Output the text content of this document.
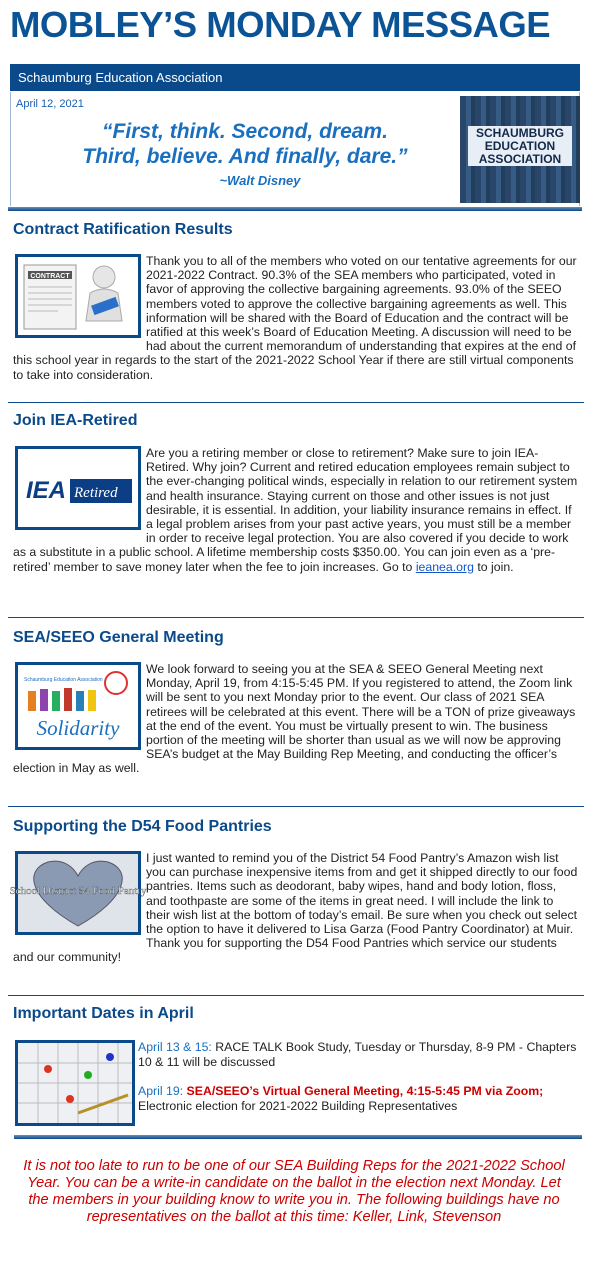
MOBLEY’S MONDAY MESSAGE
Schaumburg Education Association
April 12, 2021
“First, think. Second, dream.
Third, believe. And finally, dare.”
~Walt Disney
SCHAUMBURG
EDUCATION
ASSOCIATION
Contract Ratification Results
CONTRACT
Thank you to all of the members who voted on our tentative agreements for our 2021-2022 Contract. 90.3% of the SEA members who participated, voted in favor of approving the collective bargaining agreements. 93.0% of the SEEO members voted to approve the collective bargaining agreements as well. This information will be shared with the Board of Education and the contract will be ratified at this week’s Board of Education Meeting. A discussion will need to be had about the current memorandum of understanding that expires at the end of this school year in regards to the start of the 2021-2022 School Year if there are still virtual components to take into consideration.
Join IEA-Retired
IEA Retired
Are you a retiring member or close to retirement? Make sure to join IEA-Retired. Why join? Current and retired education employees remain subject to the ever-changing political winds, especially in relation to our retirement system and health insurance. Staying current on those and other issues is not just desirable, it is essential. In addition, your liability insurance remains in effect. If a legal problem arises from your past active years, you must still be a member in order to receive legal protection. You are also covered if you decide to work as a substitute in a public school. A lifetime membership costs $350.00. You can join even as a ‘pre-retired’ member to save money later when the fee to join increases. Go to ieanea.org to join.
SEA/SEEO General Meeting
Schaumburg Education Association
Solidarity
We look forward to seeing you at the SEA & SEEO General Meeting next Monday, April 19, from 4:15-5:45 PM. If you registered to attend, the Zoom link will be sent to you next Monday prior to the event. Our class of 2021 SEA retirees will be celebrated at this event. There will be a TON of prize giveaways at the end of the event. You must be virtually present to win. The business portion of the meeting will be shorter than usual as we will now be approving SEA’s budget at the May Building Rep Meeting, and conducting the officer’s election in May as well.
Supporting the D54 Food Pantries
School District 54 Food Pantry
I just wanted to remind you of the District 54 Food Pantry’s Amazon wish list you can purchase inexpensive items from and get it shipped directly to our food pantries. Items such as deodorant, baby wipes, hand and body lotion, floss, and toothpaste are some of the items in great need. I will include the link to their wish list at the bottom of today’s email. Be sure when you check out select the option to have it delivered to Lisa Garza (Food Pantry Coordinator) at Muir. Thank you for supporting the D54 Food Pantries which service our students and our community!
Important Dates in April
April 13 & 15: RACE TALK Book Study, Tuesday or Thursday, 8-9 PM - Chapters 10 & 11 will be discussed
April 19: SEA/SEEO’s Virtual General Meeting, 4:15-5:45 PM via Zoom; Electronic election for 2021-2022 Building Representatives
It is not too late to run to be one of our SEA Building Reps for the 2021-2022 School Year. You can be a write-in candidate on the ballot in the election next Monday. Let the members in your building know to write you in. The following buildings have no representatives on the ballot at this time: Keller, Link, Stevenson
